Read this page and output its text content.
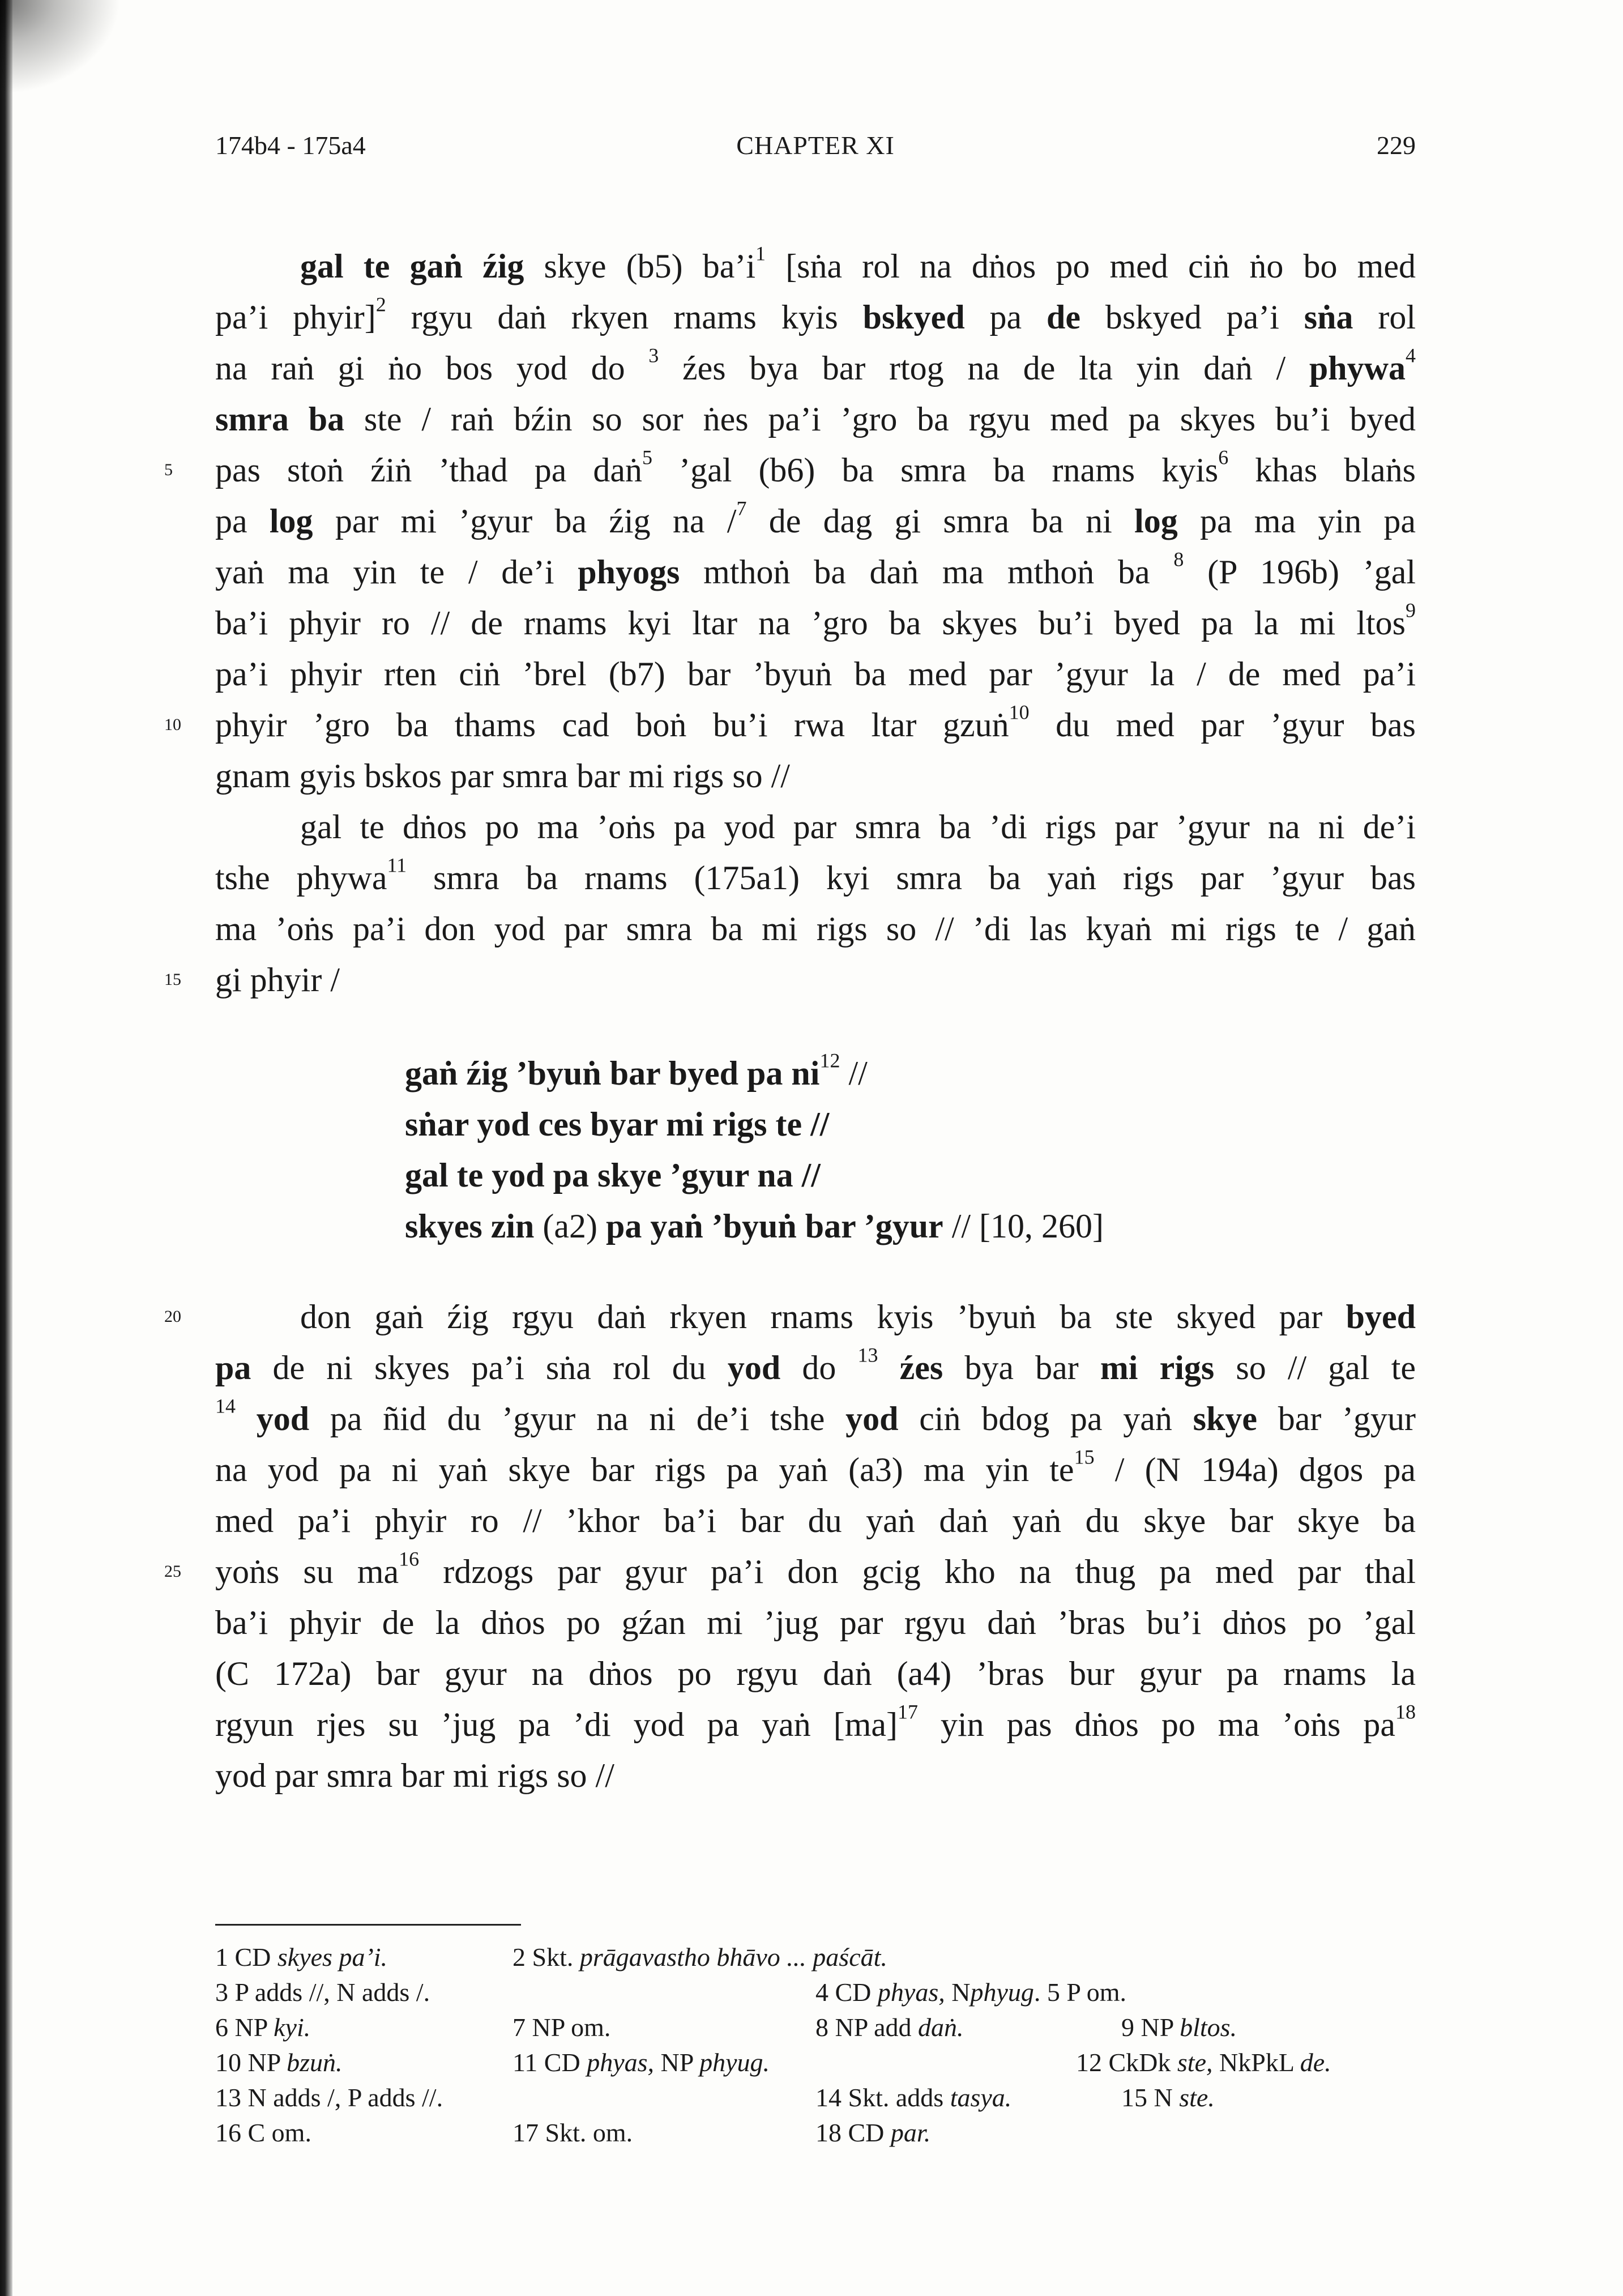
174b4 - 175a4	CHAPTER XI	229
5
10
15
20
25
gal te gaṅ źig skye (b5) $ba’i^1$ [sṅa rol na dṅos po med ciṅ ṅo bo med
pa’i phyir]$^2$ rgyu daṅ rkyen rnams kyis bskyed pa de bskyed pa’i sṅa rol
na raṅ gi ṅo bos yod do $^3$ źes bya bar rtog na de lta yin daṅ / phywa$^4$
smra ba ste / raṅ bźin so sor ṅes pa’i ’gro ba rgyu med pa skyes bu’i byed
pas stoṅ źiṅ ’thad pa daṅ$^5$ ’gal (b6) ba smra ba rnams kyis$^6$ khas blaṅs
pa log par mi ’gyur ba źig na /$^7$ de dag gi smra ba ni log pa ma yin pa
yaṅ ma yin te / de’i phyogs mthoṅ ba daṅ ma mthoṅ ba $^8$ (P 196b) ’gal
ba’i phyir ro // de rnams kyi ltar na ’gro ba skyes bu’i byed pa la mi ltos$^9$
pa’i phyir rten ciṅ ’brel (b7) bar ’byuṅ ba med par ’gyur la / de med pa’i
phyir ’gro ba thams cad boṅ bu’i rwa ltar gzuṅ$^{10}$ du med par ’gyur bas
gnam gyis bskos par smra bar mi rigs so //
gal te dṅos po ma ’oṅs pa yod par smra ba ’di rigs par ’gyur na ni de’i
tshe phywa$^{11}$ smra ba rnams (175a1) kyi smra ba yaṅ rigs par ’gyur bas
ma ’oṅs pa’i don yod par smra ba mi rigs so // ’di las kyaṅ mi rigs te / gaṅ
gi phyir /
gaṅ źig ’byuṅ bar byed pa $ni^{12}$ //
sṅar yod ces byar mi rigs te //
gal te yod pa skye ’gyur na //
skyes zin (a2) pa yaṅ ’byuṅ bar ’gyur // [10, 260]
don gaṅ źig rgyu daṅ rkyen rnams kyis ’byuṅ ba ste skyed par byed
pa de ni skyes pa’i sṅa rol du yod do $^{13}$ źes bya bar mi rigs so // gal te
$^{14}$ yod pa ñid du ’gyur na ni de’i tshe yod ciṅ bdog pa yaṅ skye bar ’gyur
na yod pa ni yaṅ skye bar rigs pa yaṅ (a3) ma yin $te^{15} / (N$ 194a) dgos pa
med pa’i phyir ro // ’khor ba’i bar du yaṅ daṅ yaṅ du skye bar skye ba
yoṅs su $ma^{16}$ rdzogs par gyur pa’i don gcig kho na thug pa med par thal
ba’i phyir de la dṅos po gźan mi ’jug par rgyu daṅ ’bras bu’i dṅos po ’gal
(C 172a) bar gyur na dṅos po rgyu daṅ (a4) ’bras bur gyur pa rnams la
rgyun rjes su ’jug pa ’di yod pa yaṅ [ma]$^{17}$ yin pas dṅos po ma ’oṅs $pa^{18}$
yod par smra bar mi rigs so //
1 CD skyes pa’i.	2 Skt. prāgavastho bhāvo ... paścāt.
3 P adds //, N adds /.	4 CD phyas, Nphyug. 5 P om.
6 NP kyi.	7 NP om.	8 NP add daṅ.	9 NP bltos.
10 NP bzuṅ.	11 CD phyas, NP phyug.	12 CkDk ste, NkPkL de.
13 N adds /, P adds //.	14 Skt. adds tasya.	15 N ste.
16 C om.	17 Skt. om.	18 CD par.
